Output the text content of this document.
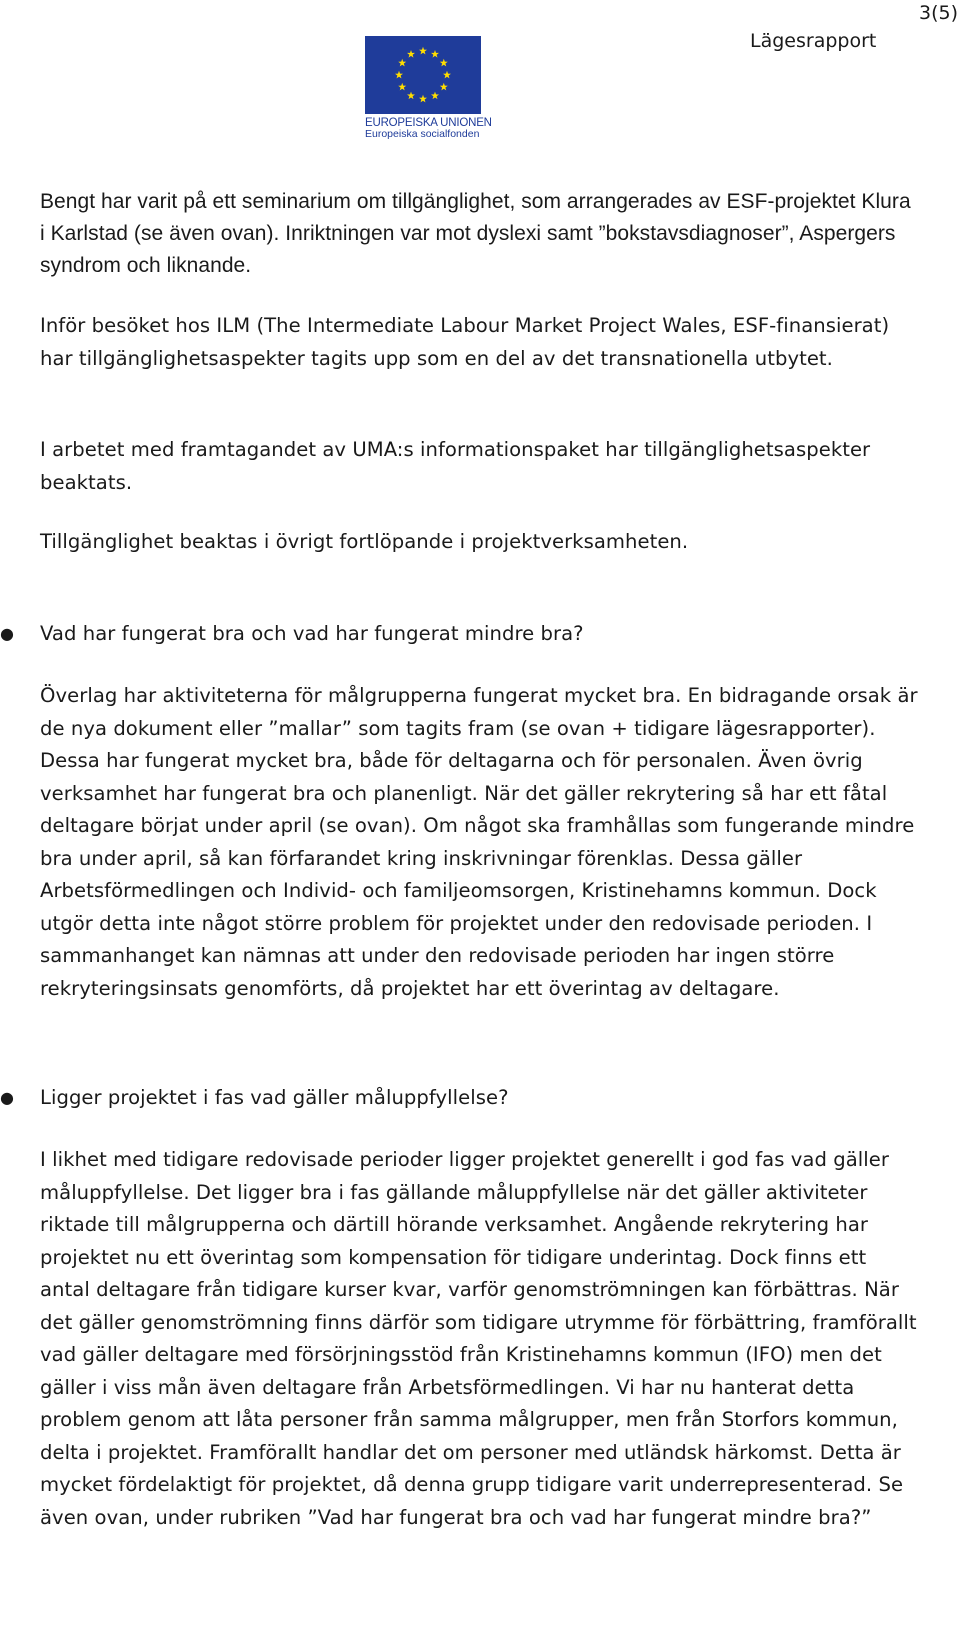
3(5)
Lägesrapport
EUROPEISKA UNIONEN
Europeiska socialfonden

Bengt har varit på ett seminarium om tillgänglighet, som arrangerades av ESF-projektet Klura i Karlstad (se även ovan). Inriktningen var mot dyslexi samt ”bokstavsdiagnoser”, Aspergers syndrom och liknande.

Inför besöket hos ILM (The Intermediate Labour Market Project Wales, ESF-finansierat) har tillgänglighetsaspekter tagits upp som en del av det transnationella utbytet.

I arbetet med framtagandet av UMA:s informationspaket har tillgänglighetsaspekter beaktats.

Tillgänglighet beaktas i övrigt fortlöpande i projektverksamheten.

● Vad har fungerat bra och vad har fungerat mindre bra?

Överlag har aktiviteterna för målgrupperna fungerat mycket bra. En bidragande orsak är de nya dokument eller ”mallar” som tagits fram (se ovan + tidigare lägesrapporter). Dessa har fungerat mycket bra, både för deltagarna och för personalen. Även övrig verksamhet har fungerat bra och planenligt. När det gäller rekrytering så har ett fåtal deltagare börjat under april (se ovan). Om något ska framhållas som fungerande mindre bra under april, så kan förfarandet kring inskrivningar förenklas. Dessa gäller Arbetsförmedlingen och Individ- och familjeomsorgen, Kristinehamns kommun. Dock utgör detta inte något större problem för projektet under den redovisade perioden. I sammanhanget kan nämnas att under den redovisade perioden har ingen större rekryteringsinsats genomförts, då projektet har ett överintag av deltagare.

● Ligger projektet i fas vad gäller måluppfyllelse?

I likhet med tidigare redovisade perioder ligger projektet generellt i god fas vad gäller måluppfyllelse. Det ligger bra i fas gällande måluppfyllelse när det gäller aktiviteter riktade till målgrupperna och därtill hörande verksamhet. Angående rekrytering har projektet nu ett överintag som kompensation för tidigare underintag. Dock finns ett antal deltagare från tidigare kurser kvar, varför genomströmningen kan förbättras. När det gäller genomströmning finns därför som tidigare utrymme för förbättring, framförallt vad gäller deltagare med försörjningsstöd från Kristinehamns kommun (IFO) men det gäller i viss mån även deltagare från Arbetsförmedlingen. Vi har nu hanterat detta problem genom att låta personer från samma målgrupper, men från Storfors kommun, delta i projektet. Framförallt handlar det om personer med utländsk härkomst. Detta är mycket fördelaktigt för projektet, då denna grupp tidigare varit underrepresenterad. Se även ovan, under rubriken ”Vad har fungerat bra och vad har fungerat mindre bra?”
